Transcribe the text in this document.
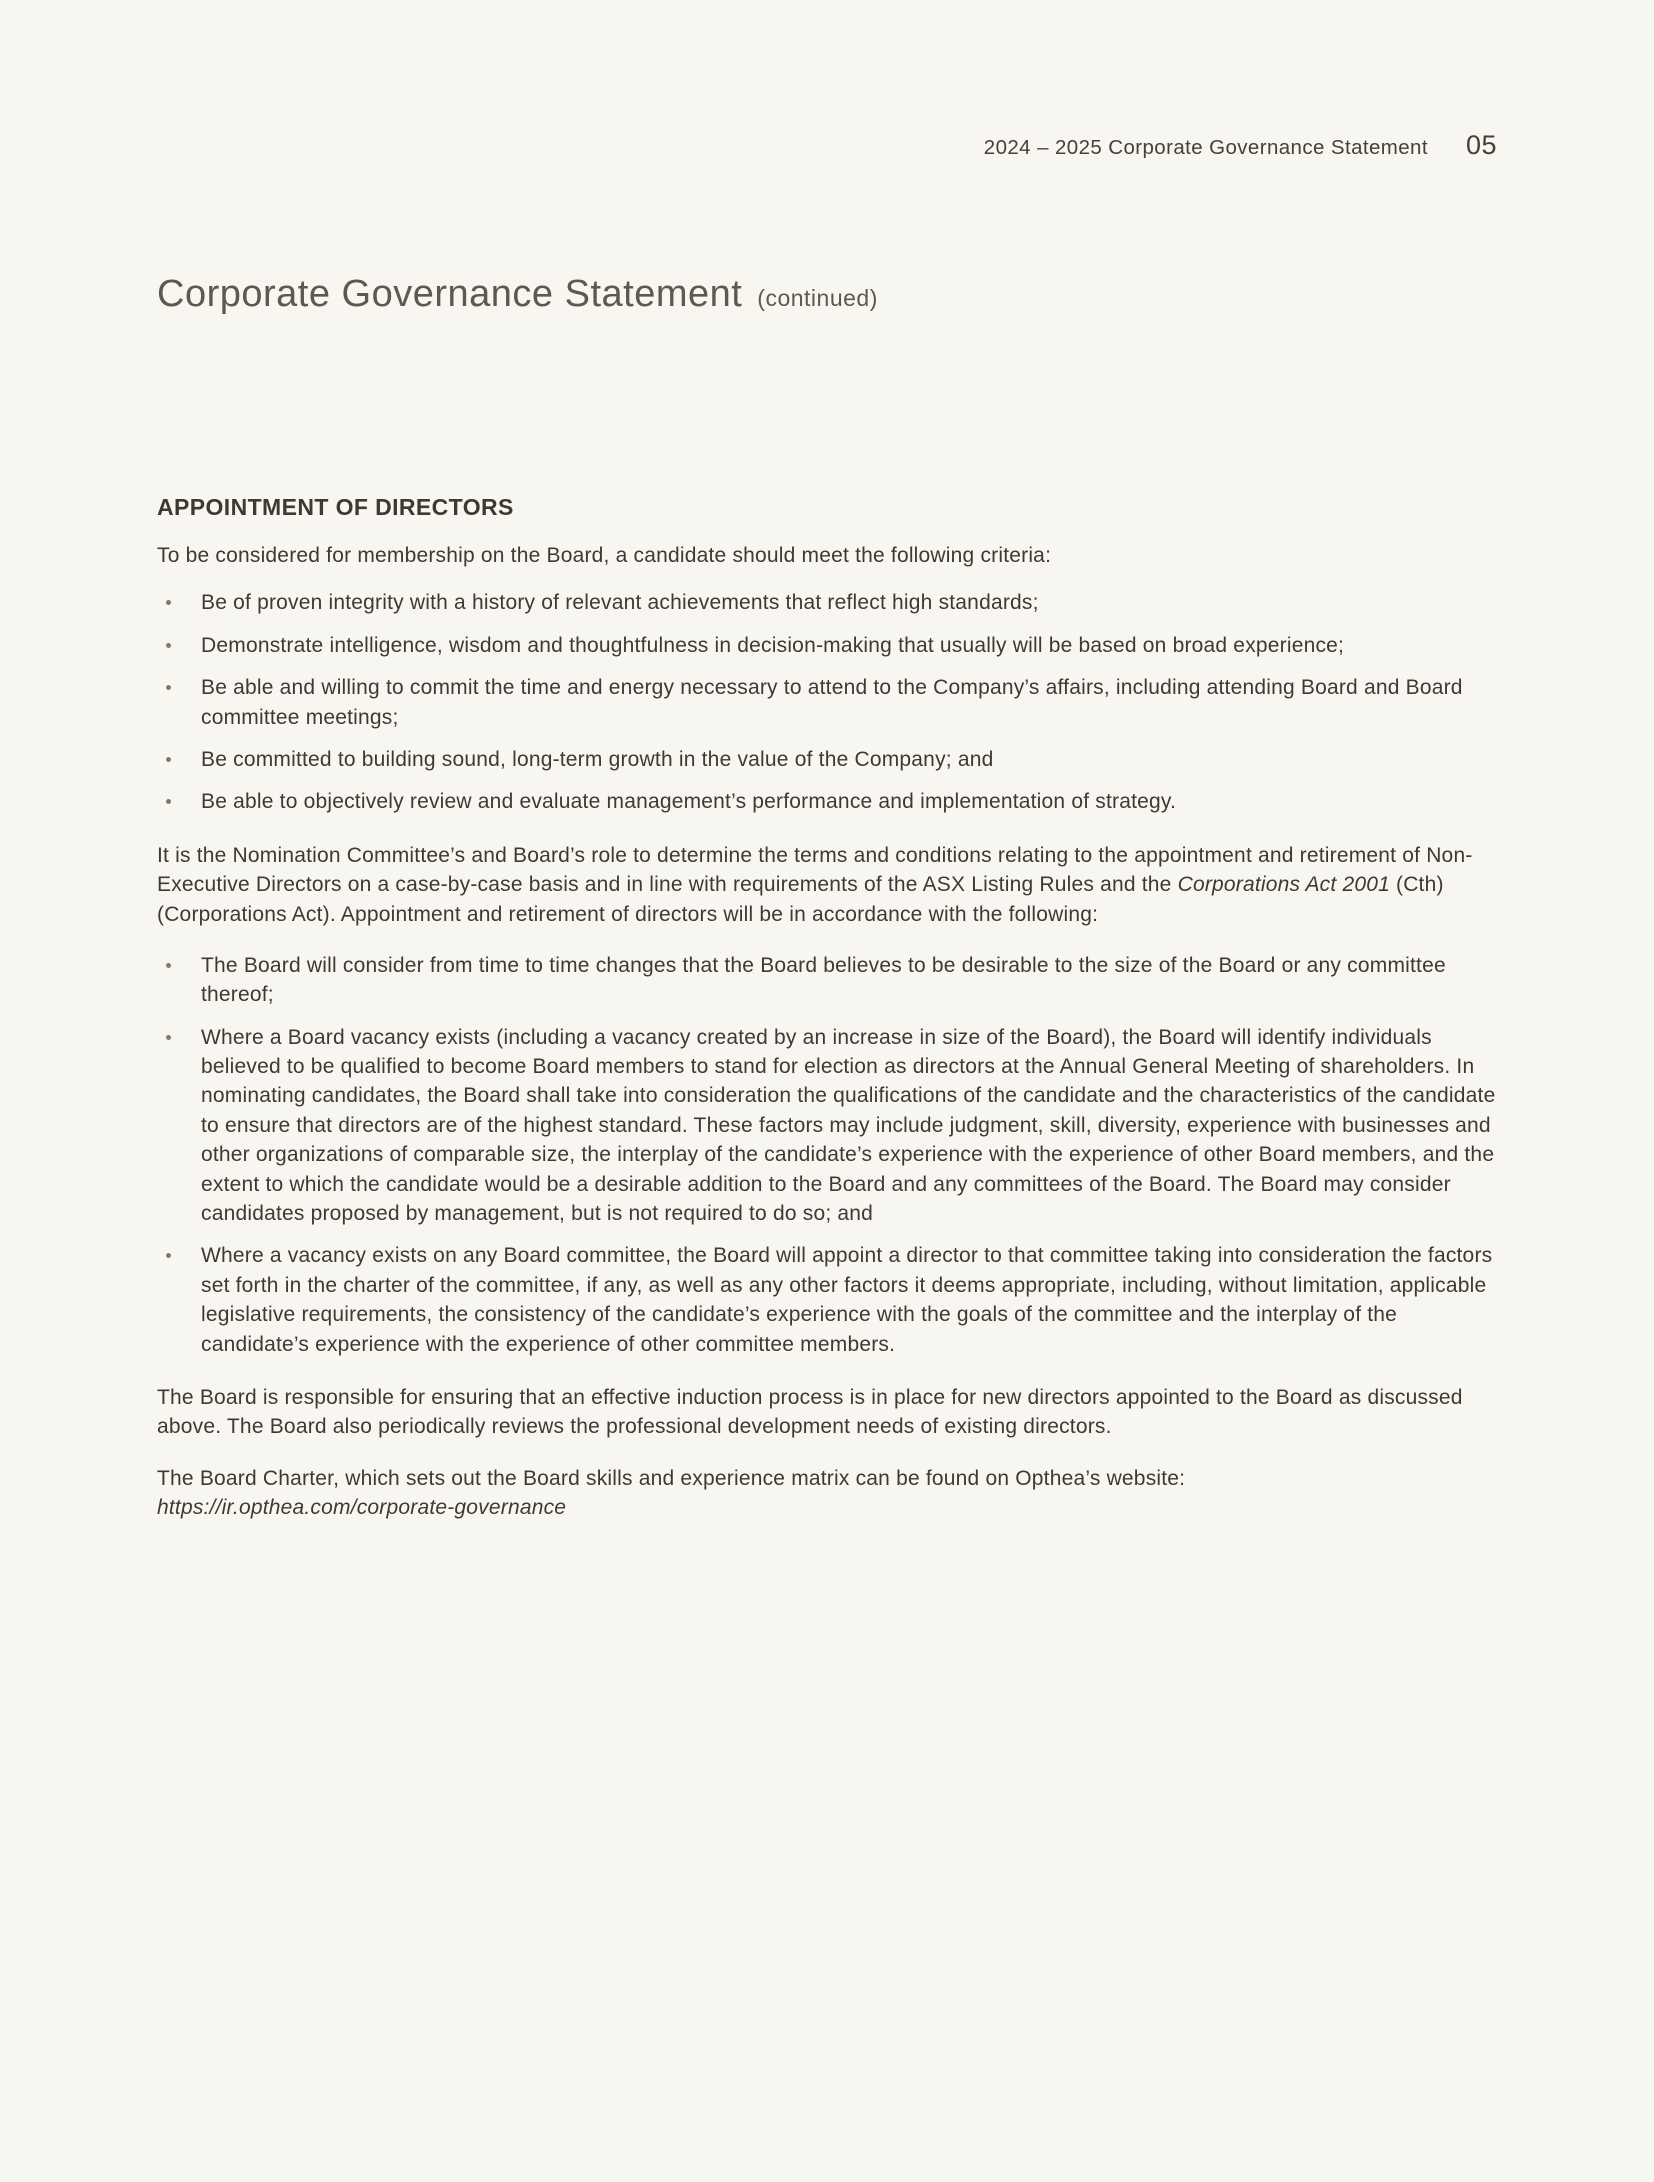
2024 – 2025 Corporate Governance Statement 05
Corporate Governance Statement (continued)
APPOINTMENT OF DIRECTORS

To be considered for membership on the Board, a candidate should meet the following criteria:

Be of proven integrity with a history of relevant achievements that reflect high standards;
Demonstrate intelligence, wisdom and thoughtfulness in decision-making that usually will be based on broad experience;
Be able and willing to commit the time and energy necessary to attend to the Company’s affairs, including attending Board and Board committee meetings;
Be committed to building sound, long-term growth in the value of the Company; and
Be able to objectively review and evaluate management’s performance and implementation of strategy.

It is the Nomination Committee’s and Board’s role to determine the terms and conditions relating to the appointment and retirement of Non-Executive Directors on a case-by-case basis and in line with requirements of the ASX Listing Rules and the Corporations Act 2001 (Cth) (Corporations Act). Appointment and retirement of directors will be in accordance with the following:

The Board will consider from time to time changes that the Board believes to be desirable to the size of the Board or any committee thereof;
Where a Board vacancy exists (including a vacancy created by an increase in size of the Board), the Board will identify individuals believed to be qualified to become Board members to stand for election as directors at the Annual General Meeting of shareholders. In nominating candidates, the Board shall take into consideration the qualifications of the candidate and the characteristics of the candidate to ensure that directors are of the highest standard. These factors may include judgment, skill, diversity, experience with businesses and other organizations of comparable size, the interplay of the candidate’s experience with the experience of other Board members, and the extent to which the candidate would be a desirable addition to the Board and any committees of the Board. The Board may consider candidates proposed by management, but is not required to do so; and
Where a vacancy exists on any Board committee, the Board will appoint a director to that committee taking into consideration the factors set forth in the charter of the committee, if any, as well as any other factors it deems appropriate, including, without limitation, applicable legislative requirements, the consistency of the candidate’s experience with the goals of the committee and the interplay of the candidate’s experience with the experience of other committee members.

The Board is responsible for ensuring that an effective induction process is in place for new directors appointed to the Board as discussed above. The Board also periodically reviews the professional development needs of existing directors.

The Board Charter, which sets out the Board skills and experience matrix can be found on Opthea’s website:
https://ir.opthea.com/corporate-governance
